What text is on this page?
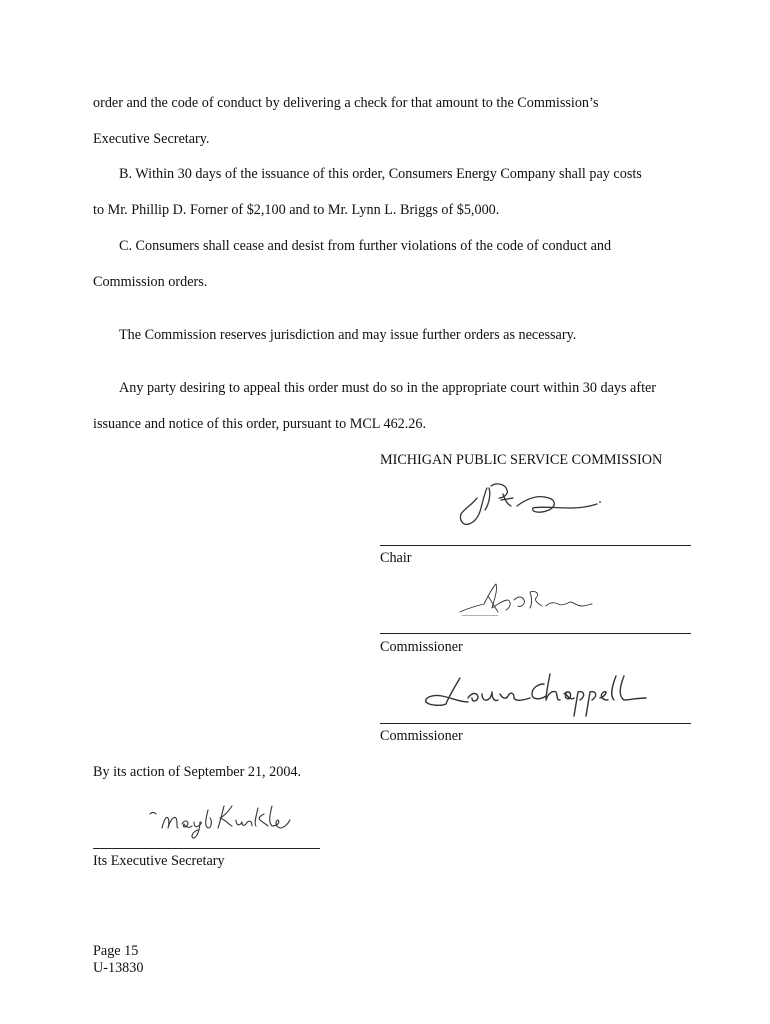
order and the code of conduct by delivering a check for that amount to the Commission’s

Executive Secretary.

B. Within 30 days of the issuance of this order, Consumers Energy Company shall pay costs

to Mr. Phillip D. Forner of $2,100 and to Mr. Lynn L. Briggs of $5,000.

C. Consumers shall cease and desist from further violations of the code of conduct and

Commission orders.

The Commission reserves jurisdiction and may issue further orders as necessary.

Any party desiring to appeal this order must do so in the appropriate court within 30 days after

issuance and notice of this order, pursuant to MCL 462.26.

MICHIGAN PUBLIC SERVICE COMMISSION
Chair
Commissioner
Commissioner

By its action of September 21, 2004.

Its Executive Secretary
Page 15
U-13830
